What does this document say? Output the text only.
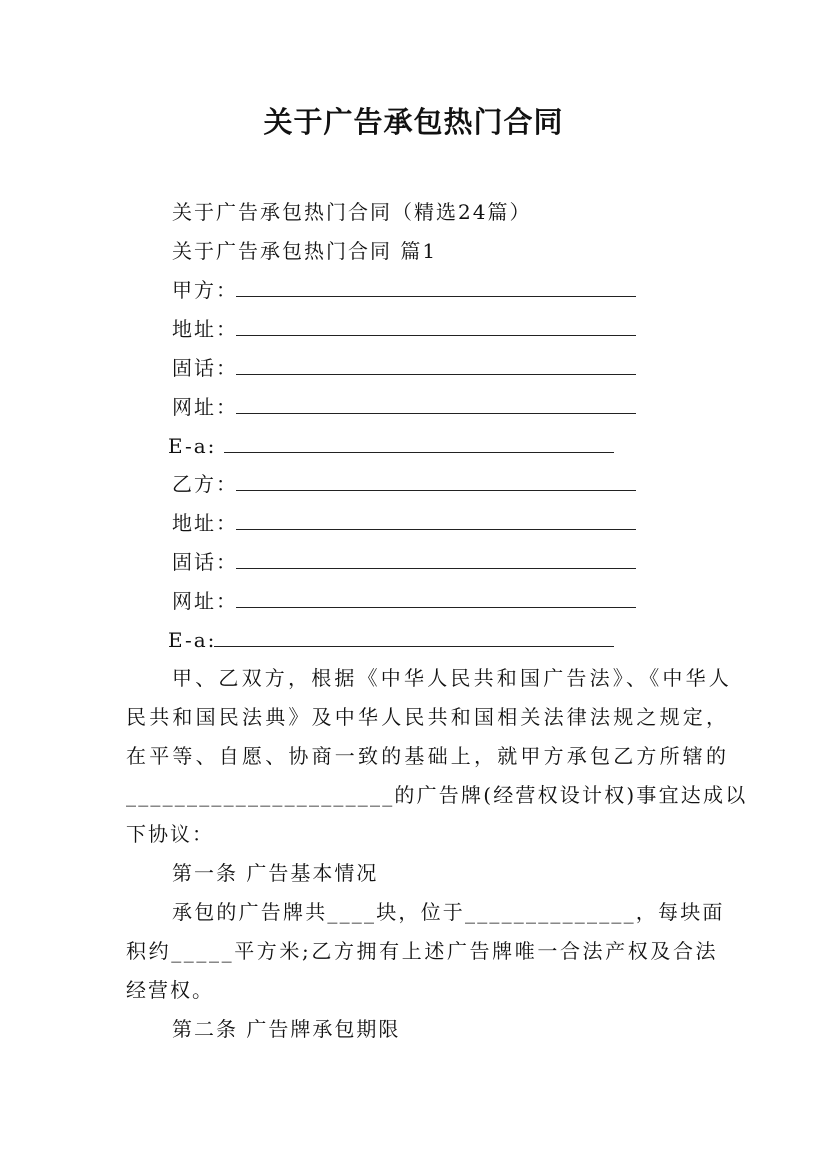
关于广告承包热门合同
关于广告承包热门合同（精选24篇）
关于广告承包热门合同 篇1
甲方：
地址：
固话：
网址：
E-a:
乙方：
地址：
固话：
网址：
E-a:
甲、乙双方，根据《中华人民共和国广告法》、《中华人
民共和国民法典》及中华人民共和国相关法律法规之规定，
在平等、自愿、协商一致的基础上，就甲方承包乙方所辖的
______________________的广告牌(经营权设计权)事宜达成以
下协议：
第一条 广告基本情况
承包的广告牌共____块，位于______________，每块面
积约_____平方米;乙方拥有上述广告牌唯一合法产权及合法
经营权。
第二条 广告牌承包期限
